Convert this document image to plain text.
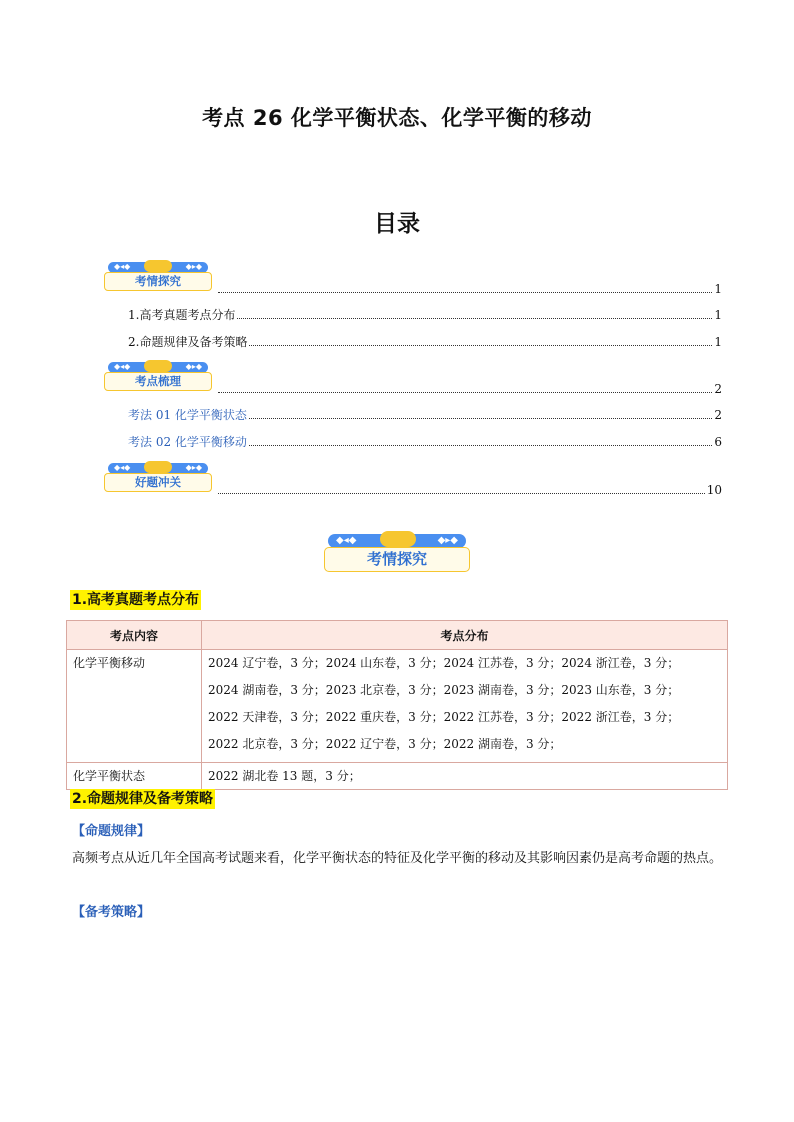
考点 26 化学平衡状态、化学平衡的移动
目录
◆◂◆	◆▸◆
考情探究
1
1.高考真题考点分布	1
2.命题规律及备考策略	1
◆◂◆	◆▸◆
考点梳理
2
考法 01 化学平衡状态	2
考法 02 化学平衡移动	6
◆◂◆	◆▸◆
好题冲关
10
◆◂◆	◆▸◆
考情探究
1.高考真题考点分布
考点内容	考点分布
化学平衡移动	2024 辽宁卷，3 分；2024 山东卷，3 分；2024 江苏卷，3 分；2024 浙江卷，3 分；
2024 湖南卷，3 分；2023 北京卷，3 分；2023 湖南卷，3 分；2023 山东卷，3 分；
2022 天津卷，3 分；2022 重庆卷，3 分；2022 江苏卷，3 分；2022 浙江卷，3 分；
2022 北京卷，3 分；2022 辽宁卷，3 分；2022 湖南卷，3 分；

化学平衡状态	2022 湖北卷 13 题，3 分；
2.命题规律及备考策略
【命题规律】
高频考点从近几年全国高考试题来看，化学平衡状态的特征及化学平衡的移动及其影响因素仍是高考命题的热点。
【备考策略】
